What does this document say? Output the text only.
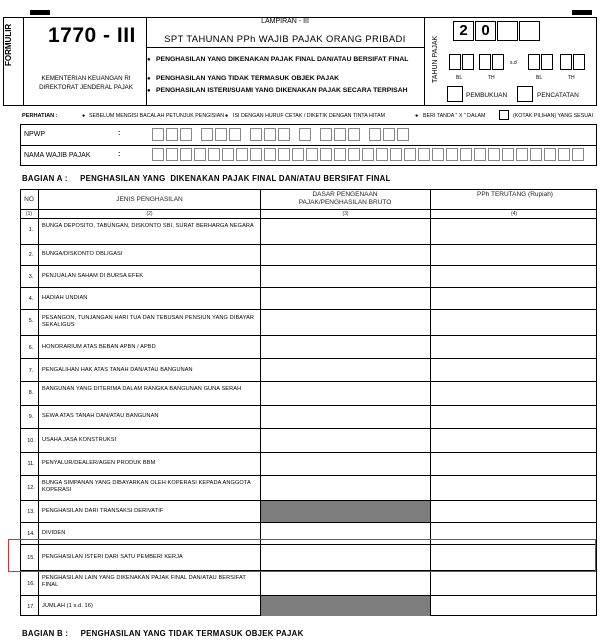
FORMULIR	1770 - III
KEMENTERIAN KEUANGAN RI
DIREKTORAT JENDERAL PAJAK
LAMPIRAN - III
SPT TAHUNAN PPh WAJIB PAJAK ORANG PRIBADI
● PENGHASILAN YANG DIKENAKAN PAJAK FINAL DAN/ATAU BERSIFAT FINAL
● PENGHASILAN YANG TIDAK TERMASUK OBJEK PAJAK
● PENGHASILAN ISTERI/SUAMI YANG DIKENAKAN PAJAK SECARA TERPISAH
TAHUN PAJAK
2 0
s.d
BL	TH	BL	TH
PEMBUKUAN	PENCATATAN
PERHATIAN :	● SEBELUM MENGISI BACALAH PETUNJUK PENGISIAN ● ISI DENGAN HURUF CETAK / DIKETIK DENGAN TINTA HITAM	● BERI TANDA " X " DALAM	(KOTAK PILIHAN) YANG SESUAI
NPWP	:
NAMA WAJIB PAJAK	:
BAGIAN A :     PENGHASILAN YANG  DIKENAKAN PAJAK FINAL DAN/ATAU BERSIFAT FINAL
NO	JENIS PENGHASILAN
DASAR PENGENAAN PAJAK/PENGHASILAN BRUTO
PPh TERUTANG (Rupiah)
(1)	(2)	(3)	(4)
1.
BUNGA DEPOSITO, TABUNGAN, DISKONTO SBI, SURAT BERHARGA NEGARA
2.	BUNGA/DISKONTO OBLIGASI
3.	PENJUALAN SAHAM DI BURSA EFEK
4.	HADIAH UNDIAN
5.	PESANGON, TUNJANGAN HARI TUA DAN TEBUSAN PENSIUN YANG DIBAYAR SEKALIGUS
6.	HONORARIUM ATAS BEBAN APBN / APBD
7.	PENGALIHAN HAK ATAS TANAH DAN/ATAU BANGUNAN
8.
BANGUNAN YANG DITERIMA DALAM RANGKA BANGUNAN GUNA SERAH
9.	SEWA ATAS TANAH DAN/ATAU BANGUNAN
10.	USAHA JASA KONSTRUKSI
11.	PENYALUR/DEALER/AGEN PRODUK BBM
12.
BUNGA SIMPANAN YANG DIBAYARKAN OLEH KOPERASI KEPADA ANGGOTA KOPERASI
13.	PENGHASILAN DARI TRANSAKSI DERIVATIF
14.	DIVIDEN
15.	PENGHASILAN ISTERI DARI SATU PEMBERI KERJA
16.
PENGHASILAN LAIN YANG DIKENAKAN PAJAK FINAL DAN/ATAU BERSIFAT FINAL
17.	JUMLAH (1 s.d. 16)
BAGIAN B :     PENGHASILAN YANG TIDAK TERMASUK OBJEK PAJAK
